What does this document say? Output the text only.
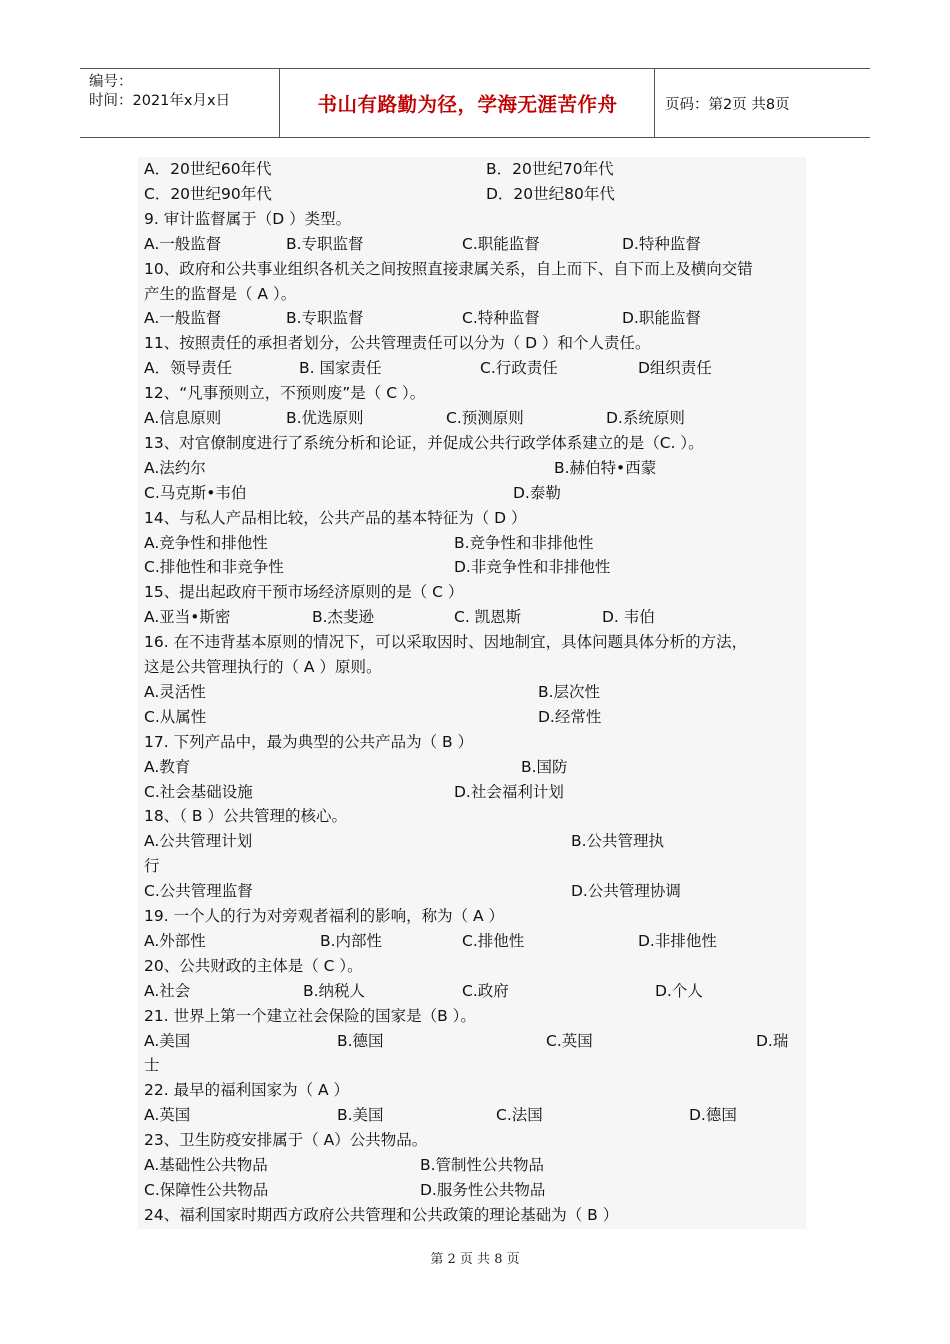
编号：
时间：2021年x月x日	书山有路勤为径，学海无涯苦作舟	页码：第2页 共8页
A．20世纪60年代	B．20世纪70年代
C．20世纪90年代	D．20世纪80年代
9. 审计监督属于（D ）类型。
A.一般监督	B.专职监督	C.职能监督	D.特种监督
10、政府和公共事业组织各机关之间按照直接隶属关系，自上而下、自下而上及横向交错
产生的监督是（ A ）。
A.一般监督	B.专职监督	C.特种监督	D.职能监督
11、按照责任的承担者划分，公共管理责任可以分为（ D ）和个人责任。
A．领导责任	B. 国家责任	C.行政责任	D组织责任
12、“凡事预则立，不预则废”是（ C ）。
A.信息原则	B.优选原则	C.预测原则	D.系统原则
13、对官僚制度进行了系统分析和论证，并促成公共行政学体系建立的是（C. ）。
A.法约尔	B.赫伯特•西蒙
C.马克斯•韦伯	D.泰勒
14、与私人产品相比较，公共产品的基本特征为（ D ）
A.竞争性和排他性	B.竞争性和非排他性
C.排他性和非竞争性	D.非竞争性和非排他性
15、提出起政府干预市场经济原则的是（ C ）
A.亚当•斯密	B.杰斐逊	C. 凯恩斯	D. 韦伯
16. 在不违背基本原则的情况下，可以采取因时、因地制宜，具体问题具体分析的方法，
这是公共管理执行的（ A ）原则。
A.灵活性	B.层次性
C.从属性	D.经常性
17. 下列产品中，最为典型的公共产品为（ B ）
A.教育	B.国防
C.社会基础设施	D.社会福利计划
18、（ B ）公共管理的核心。
A.公共管理计划	B.公共管理执
行
C.公共管理监督	D.公共管理协调
19. 一个人的行为对旁观者福利的影响，称为（ A ）
A.外部性	B.内部性	C.排他性	D.非排他性
20、公共财政的主体是（ C ）。
A.社会	B.纳税人	C.政府	D.个人
21. 世界上第一个建立社会保险的国家是（B ）。
A.美国	B.德国	C.英国	D.瑞
士
22. 最早的福利国家为（ A ）
A.英国	B.美国	C.法国	D.德国
23、卫生防疫安排属于（ A）公共物品。
A.基础性公共物品	B.管制性公共物品
C.保障性公共物品	D.服务性公共物品
24、福利国家时期西方政府公共管理和公共政策的理论基础为（ B ）
第 2 页 共 8 页
